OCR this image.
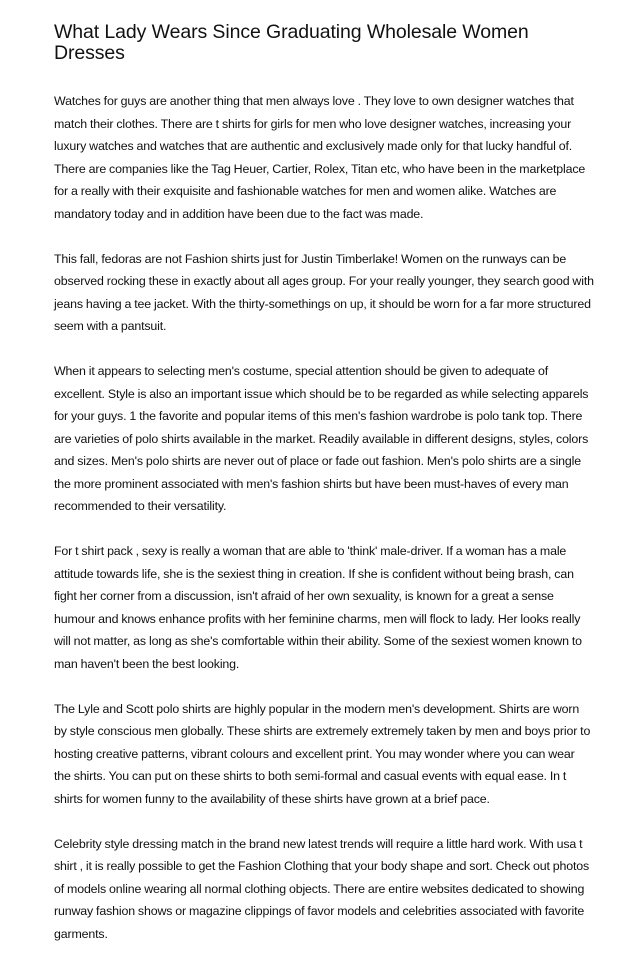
What Lady Wears Since Graduating Wholesale Women Dresses

Watches for guys are another thing that men always love . They love to own designer watches that match their clothes. There are t shirts for girls for men who love designer watches, increasing your luxury watches and watches that are authentic and exclusively made only for that lucky handful of. There are companies like the Tag Heuer, Cartier, Rolex, Titan etc, who have been in the marketplace for a really with their exquisite and fashionable watches for men and women alike. Watches are mandatory today and in addition have been due to the fact was made.

This fall, fedoras are not Fashion shirts just for Justin Timberlake! Women on the runways can be observed rocking these in exactly about all ages group. For your really younger, they search good with jeans having a tee jacket. With the thirty-somethings on up, it should be worn for a far more structured seem with a pantsuit.

When it appears to selecting men's costume, special attention should be given to adequate of excellent. Style is also an important issue which should be to be regarded as while selecting apparels for your guys. 1 the favorite and popular items of this men's fashion wardrobe is polo tank top. There are varieties of polo shirts available in the market. Readily available in different designs, styles, colors and sizes. Men's polo shirts are never out of place or fade out fashion. Men's polo shirts are a single the more prominent associated with men's fashion shirts but have been must-haves of every man recommended to their versatility.

For t shirt pack , sexy is really a woman that are able to 'think' male-driver. If a woman has a male attitude towards life, she is the sexiest thing in creation. If she is confident without being brash, can fight her corner from a discussion, isn't afraid of her own sexuality, is known for a great a sense humour and knows enhance profits with her feminine charms, men will flock to lady. Her looks really will not matter, as long as she's comfortable within their ability. Some of the sexiest women known to man haven't been the best looking.

The Lyle and Scott polo shirts are highly popular in the modern men's development. Shirts are worn by style conscious men globally. These shirts are extremely extremely taken by men and boys prior to hosting creative patterns, vibrant colours and excellent print. You may wonder where you can wear the shirts. You can put on these shirts to both semi-formal and casual events with equal ease. In t shirts for women funny to the availability of these shirts have grown at a brief pace.

Celebrity style dressing match in the brand new latest trends will require a little hard work. With usa t shirt , it is really possible to get the Fashion Clothing that your body shape and sort. Check out photos of models online wearing all normal clothing objects. There are entire websites dedicated to showing runway fashion shows or magazine clippings of favor models and celebrities associated with favorite garments.
